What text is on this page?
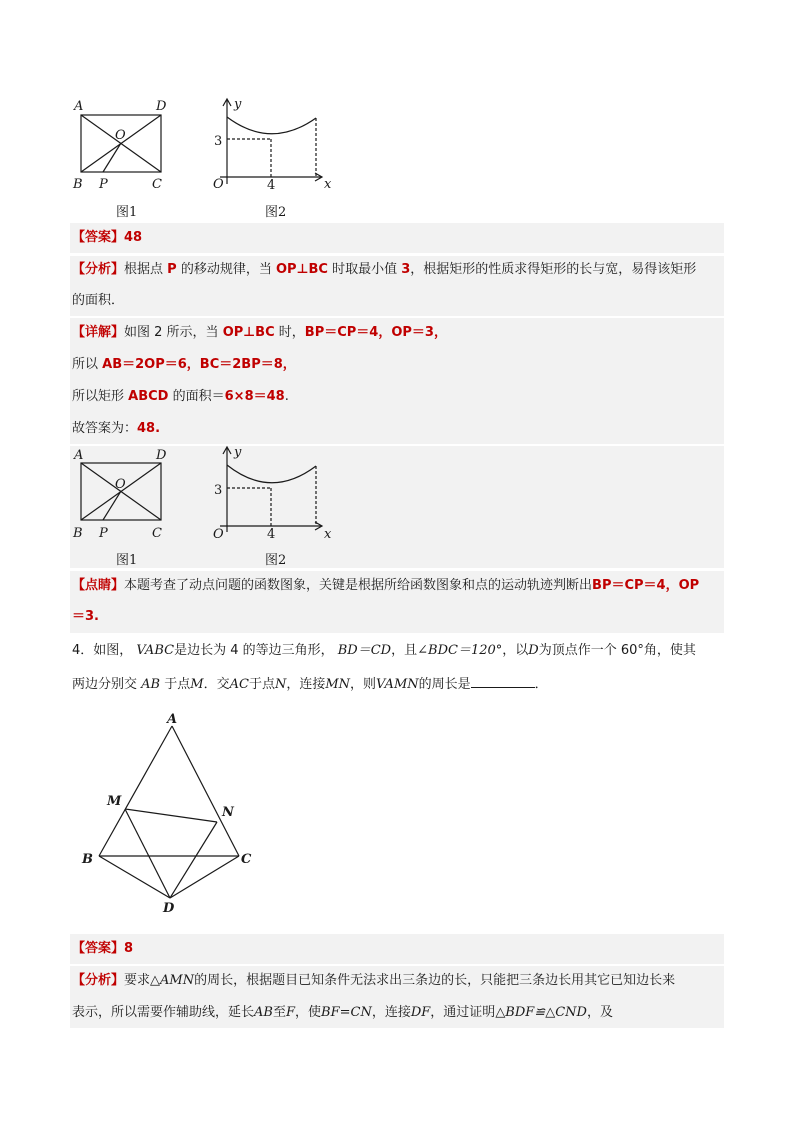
A	D
O
B P	C
y
x
O
3
4
图1	图2
【答案】48
【分析】根据点 P 的移动规律，当 OP⊥BC 时取最小值 3，根据矩形的性质求得矩形的长与宽，易得该矩形
的面积．
【详解】如图 2 所示，当 OP⊥BC 时，BP＝CP＝4，OP＝3，
所以 AB＝2OP＝6，BC＝2BP＝8，
所以矩形 ABCD 的面积＝6×8＝48.
故答案为：48.
A	D
O
B P	C
y
x
O
3
4
图1	图2
【点睛】本题考查了动点问题的函数图象，关键是根据所给函数图象和点的运动轨迹判断出BP＝CP＝4，OP
＝3.
4．如图， VABC是边长为 4 的等边三角形， BD＝CD，且∠BDC＝120°，以D为顶点作一个 60°角，使其
两边分别交 AB 于点M．交AC于点N，连接MN，则VAMN的周长是	．
A
M
N
B	C
D
【答案】8
【分析】要求△AMN的周长，根据题目已知条件无法求出三条边的长，只能把三条边长用其它已知边长来
表示，所以需要作辅助线，延长AB至F，使BF=CN，连接DF，通过证明△BDF≌△CND，及
